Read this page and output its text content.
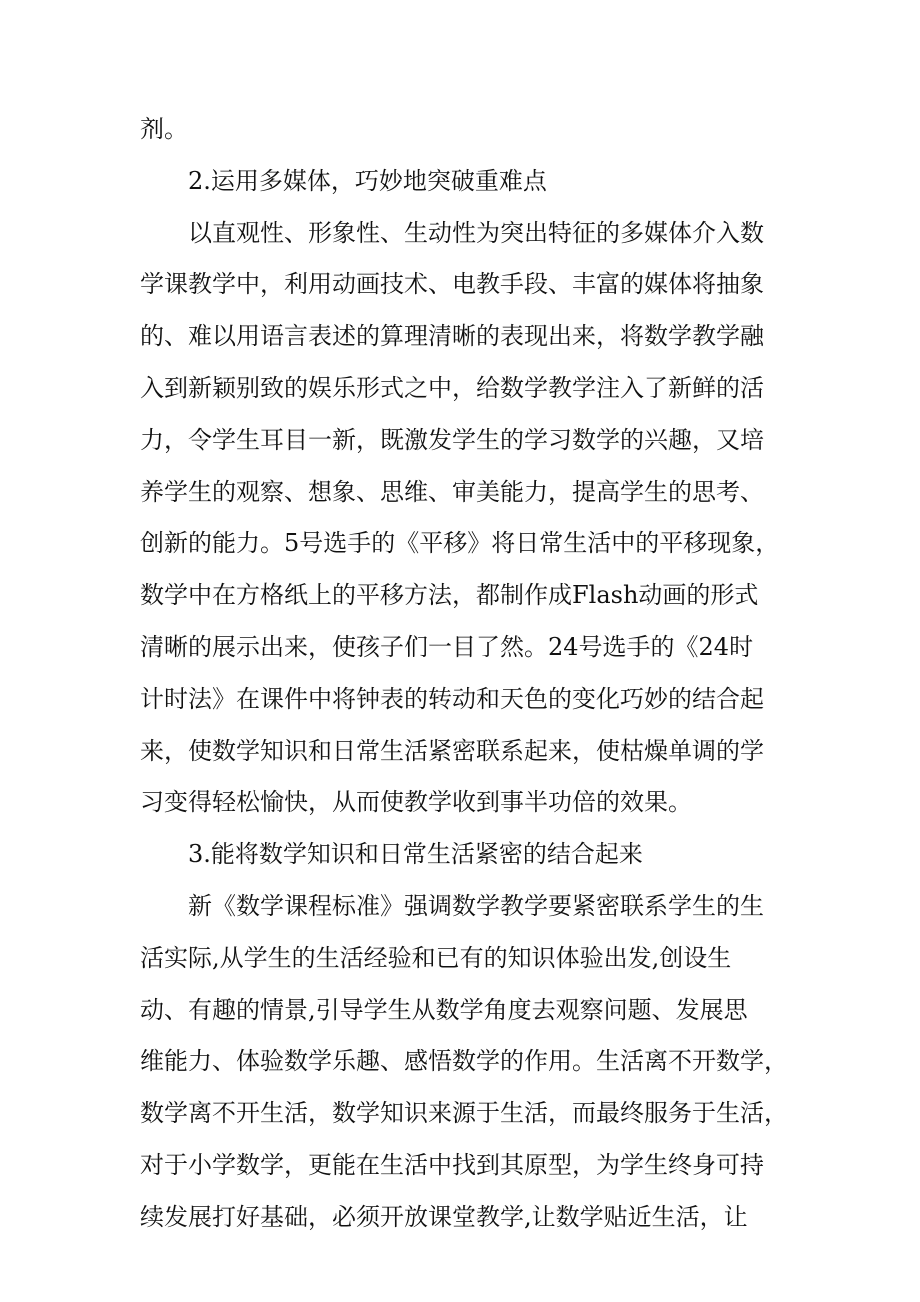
剂。
2.运用多媒体，巧妙地突破重难点
以直观性、形象性、生动性为突出特征的多媒体介入数
学课教学中，利用动画技术、电教手段、丰富的媒体将抽象
的、难以用语言表述的算理清晰的表现出来，将数学教学融
入到新颖别致的娱乐形式之中，给数学教学注入了新鲜的活
力，令学生耳目一新，既激发学生的学习数学的兴趣，又培
养学生的观察、想象、思维、审美能力，提高学生的思考、
创新的能力。5号选手的《平移》将日常生活中的平移现象，
数学中在方格纸上的平移方法，都制作成Flash动画的形式
清晰的展示出来，使孩子们一目了然。24号选手的《24时
计时法》在课件中将钟表的转动和天色的变化巧妙的结合起
来，使数学知识和日常生活紧密联系起来，使枯燥单调的学
习变得轻松愉快，从而使教学收到事半功倍的效果。
3.能将数学知识和日常生活紧密的结合起来
新《数学课程标准》强调数学教学要紧密联系学生的生
活实际,从学生的生活经验和已有的知识体验出发,创设生
动、有趣的情景,引导学生从数学角度去观察问题、发展思
维能力、体验数学乐趣、感悟数学的作用。生活离不开数学，
数学离不开生活，数学知识来源于生活，而最终服务于生活，
对于小学数学，更能在生活中找到其原型，为学生终身可持
续发展打好基础，必须开放课堂教学,让数学贴近生活，让
